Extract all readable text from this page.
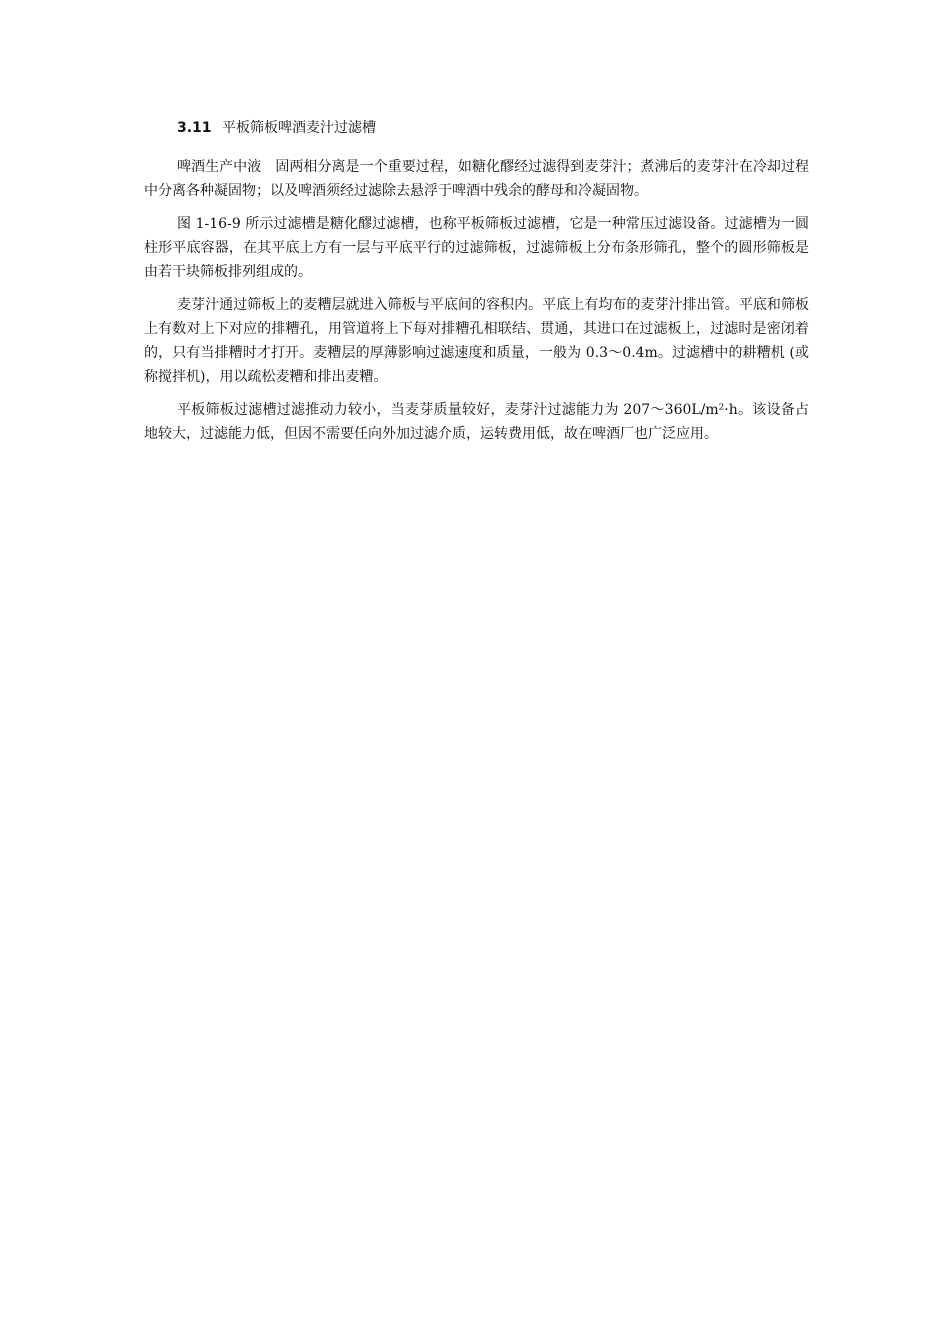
3.11 平板筛板啤酒麦汁过滤槽

啤酒生产中液　固两相分离是一个重要过程，如糖化醪经过滤得到麦芽汁；煮沸后的麦芽汁在冷却过程中分离各种凝固物；以及啤酒须经过滤除去悬浮于啤酒中残余的酵母和冷凝固物。

图 1-16-9 所示过滤槽是糖化醪过滤槽，也称平板筛板过滤槽，它是一种常压过滤设备。过滤槽为一圆柱形平底容器，在其平底上方有一层与平底平行的过滤筛板，过滤筛板上分布条形筛孔，整个的圆形筛板是由若干块筛板排列组成的。

麦芽汁通过筛板上的麦糟层就进入筛板与平底间的容积内。平底上有均布的麦芽汁排出管。平底和筛板上有数对上下对应的排糟孔，用管道将上下每对排糟孔相联结、贯通，其进口在过滤板上，过滤时是密闭着的，只有当排糟时才打开。麦糟层的厚薄影响过滤速度和质量，一般为 0.3～0.4m。过滤槽中的耕糟机 (或称搅拌机)，用以疏松麦糟和排出麦糟。

平板筛板过滤槽过滤推动力较小，当麦芽质量较好，麦芽汁过滤能力为 207～360L/m²·h。该设备占地较大，过滤能力低，但因不需要任向外加过滤介质，运转费用低，故在啤酒厂也广泛应用。
